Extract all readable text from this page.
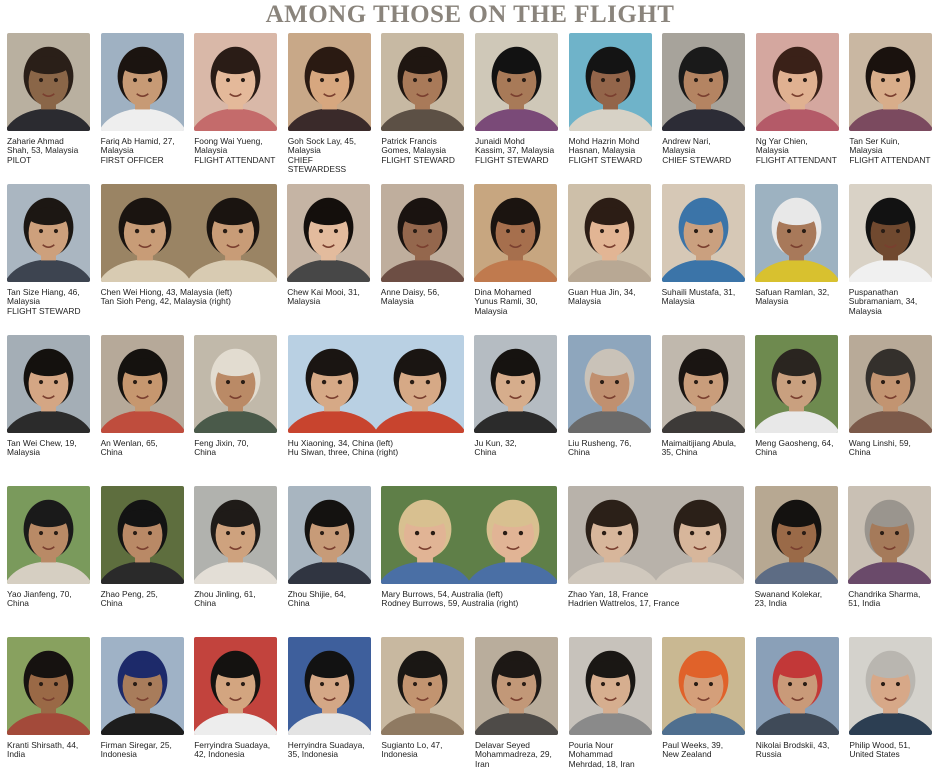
AMONG THOSE ON THE FLIGHT
Zaharie Ahmad
Shah, 53, Malaysia
PILOT
Fariq Ab Hamid, 27,
Malaysia
FIRST OFFICER
Foong Wai Yueng,
Malaysia
FLIGHT ATTENDANT
Goh Sock Lay, 45,
Malaysia
CHIEF STEWARDESS
Patrick Francis
Gomes, Malaysia
FLIGHT STEWARD
Junaidi Mohd
Kassim, 37, Malaysia
FLIGHT STEWARD
Mohd Hazrin Mohd
Hasnan, Malaysia
FLIGHT STEWARD
Andrew Nari,
Malaysia
CHIEF STEWARD
Ng Yar Chien,
Malaysia
FLIGHT ATTENDANT
Tan Ser Kuin,
Malaysia
FLIGHT ATTENDANT
Tan Size Hiang, 46,
Malaysia
FLIGHT STEWARD
Chen Wei Hiong, 43, Malaysia (left)
Tan Sioh Peng, 42, Malaysia (right)
Chew Kai Mooi, 31,
Malaysia
Anne Daisy, 56,
Malaysia
Dina Mohamed
Yunus Ramli, 30,
Malaysia
Guan Hua Jin, 34,
Malaysia
Suhaili Mustafa, 31,
Malaysia
Safuan Ramlan, 32,
Malaysia
Puspanathan
Subramaniam, 34,
Malaysia
Tan Wei Chew, 19,
Malaysia
An Wenlan, 65,
China
Feng Jixin, 70,
China
Hu Xiaoning, 34, China (left)
Hu Siwan, three, China (right)
Ju Kun, 32,
China
Liu Rusheng, 76,
China
Maimaitijiang Abula,
35, China
Meng Gaosheng, 64,
China
Wang Linshi, 59,
China
Yao Jianfeng, 70,
China
Zhao Peng, 25,
China
Zhou Jinling, 61,
China
Zhou Shijie, 64,
China
Mary Burrows, 54, Australia (left)
Rodney Burrows, 59, Australia (right)
Zhao Yan, 18, France
Hadrien Wattrelos, 17, France
Swanand Kolekar,
23, India
Chandrika Sharma,
51, India
Kranti Shirsath, 44,
India
Firman Siregar, 25,
Indonesia
Ferryindra Suadaya,
42, Indonesia
Herryindra Suadaya,
35, Indonesia
Sugianto Lo, 47,
Indonesia
Delavar Seyed
Mohammadreza, 29,
Iran
Pouria Nour
Mohammad
Mehrdad, 18, Iran
Paul Weeks, 39,
New Zealand
Nikolai Brodskii, 43,
Russia
Philip Wood, 51,
United States
